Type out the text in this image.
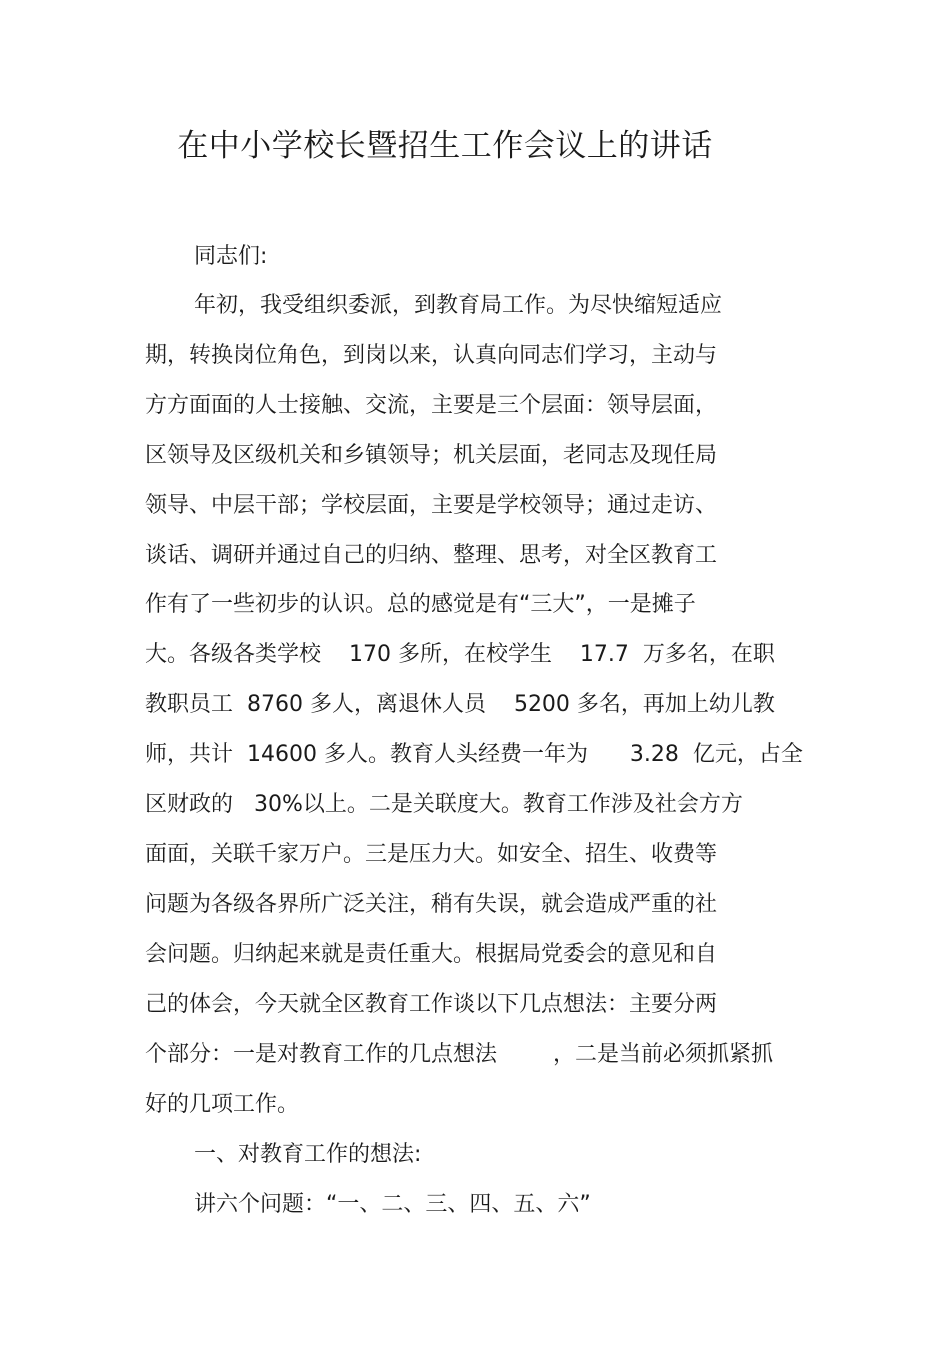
在中小学校长暨招生工作会议上的讲话
同志们:
年初，我受组织委派，到教育局工作。为尽快缩短适应
期，转换岗位角色，到岗以来，认真向同志们学习，主动与
方方面面的人士接触、交流，主要是三个层面：领导层面，
区领导及区级机关和乡镇领导；机关层面，老同志及现任局
领导、中层干部；学校层面，主要是学校领导；通过走访、
谈话、调研并通过自己的归纳、整理、思考，对全区教育工
作有了一些初步的认识。总的感觉是有“三大”，一是摊子
大。各级各类学校    170 多所，在校学生    17.7  万多名，在职
教职员工  8760 多人，离退休人员    5200 多名，再加上幼儿教
师，共计  14600 多人。教育人头经费一年为      3.28  亿元，占全
区财政的   30%以上。二是关联度大。教育工作涉及社会方方
面面，关联千家万户。三是压力大。如安全、招生、收费等
问题为各级各界所广泛关注，稍有失误，就会造成严重的社
会问题。归纳起来就是责任重大。根据局党委会的意见和自
己的体会，今天就全区教育工作谈以下几点想法：主要分两
个部分：一是对教育工作的几点想法        ，二是当前必须抓紧抓
好的几项工作。
一、对教育工作的想法:
讲六个问题：“一、二、三、四、五、六”
